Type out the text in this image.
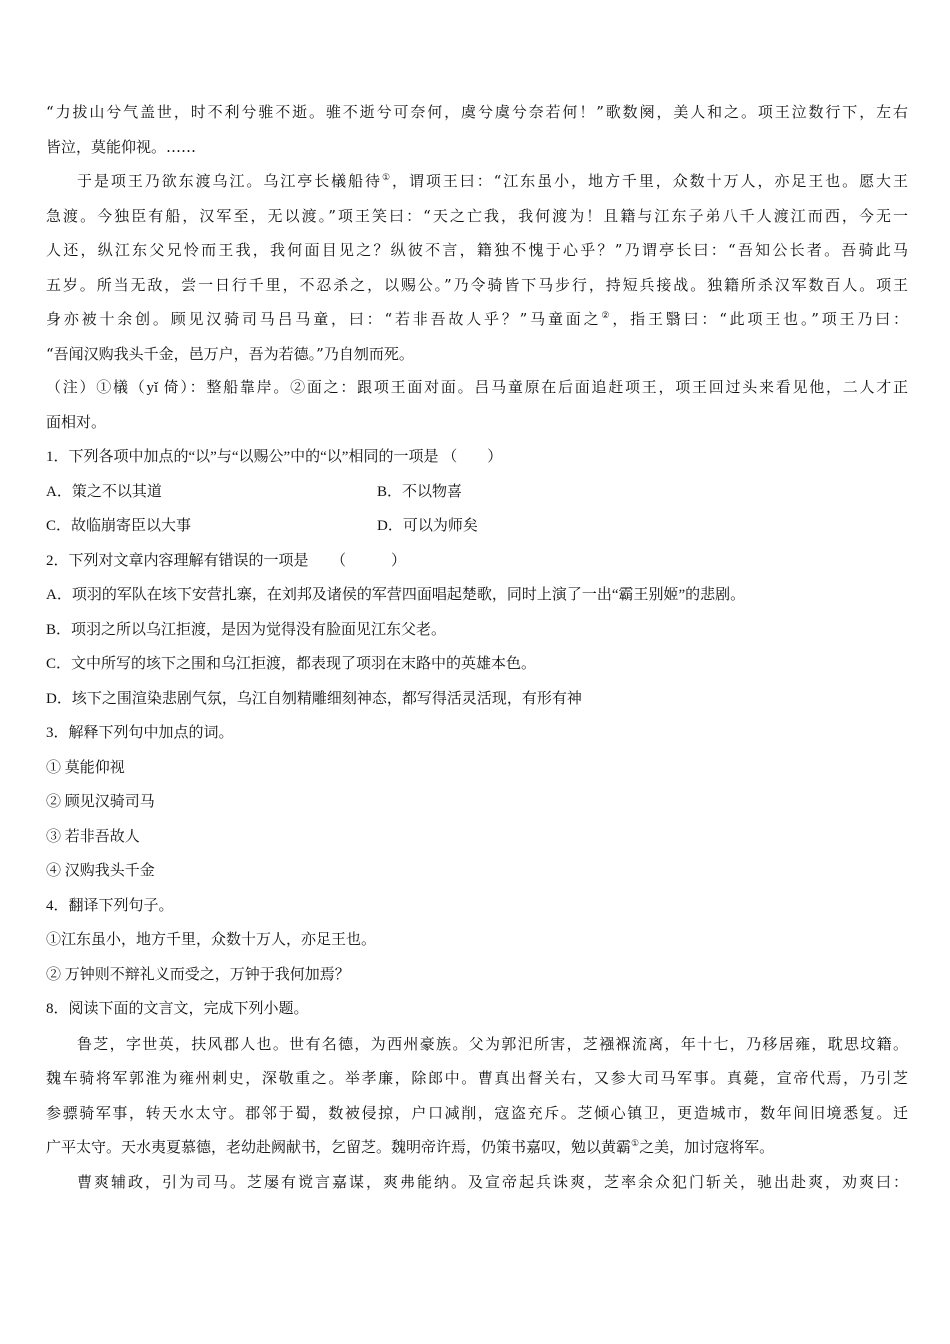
“力拔山兮气盖世，时不利兮骓不逝。骓不逝兮可奈何，虞兮虞兮奈若何！”歌数阕，美人和之。项王泣数行下，左右
皆泣，莫能仰视。……
于是项王乃欲东渡乌江。乌江亭长檥船待①，谓项王曰：“江东虽小，地方千里，众数十万人，亦足王也。愿大王
急渡。今独臣有船，汉军至，无以渡。”项王笑曰：“天之亡我，我何渡为！且籍与江东子弟八千人渡江而西，今无一
人还，纵江东父兄怜而王我，我何面目见之？纵彼不言，籍独不愧于心乎？”乃谓亭长曰：“吾知公长者。吾骑此马
五岁。所当无敌，尝一日行千里，不忍杀之，以赐公。”乃令骑皆下马步行，持短兵接战。独籍所杀汉军数百人。项王
身亦被十余创。顾见汉骑司马吕马童，曰：“若非吾故人乎？”马童面之②，指王翳曰：“此项王也。”项王乃曰：
“吾闻汉购我头千金，邑万户，吾为若德。”乃自刎而死。
（注）①檥（yǐ 倚）：整船靠岸。②面之：跟项王面对面。吕马童原在后面追赶项王，项王回过头来看见他，二人才正
面相对。
1．下列各项中加点的“以”与“以赐公”中的“以”相同的一项是 （　　）
A．策之不以其道	B．不以物喜
C．故临崩寄臣以大事	D．可以为师矣
2．下列对文章内容理解有错误的一项是　　（　　　）
A．项羽的军队在垓下安营扎寨，在刘邦及诸侯的军营四面唱起楚歌，同时上演了一出“霸王别姬”的悲剧。
B．项羽之所以乌江拒渡，是因为觉得没有脸面见江东父老。
C．文中所写的垓下之围和乌江拒渡，都表现了项羽在末路中的英雄本色。
D．垓下之围渲染悲剧气氛，乌江自刎精雕细刻神态，都写得活灵活现，有形有神
3．解释下列句中加点的词。
① 莫能仰视
② 顾见汉骑司马
③ 若非吾故人
④ 汉购我头千金
4．翻译下列句子。
①江东虽小，地方千里，众数十万人，亦足王也。
② 万钟则不辩礼义而受之，万钟于我何加焉？
8．阅读下面的文言文，完成下列小题。
鲁芝，字世英，扶风郡人也。世有名德，为西州豪族。父为郭汜所害，芝襁褓流离，年十七，乃移居雍，耽思坟籍。
魏车骑将军郭淮为雍州刺史，深敬重之。举孝廉，除郎中。曹真出督关右，又参大司马军事。真薨，宣帝代焉，乃引芝
参骠骑军事，转天水太守。郡邻于蜀，数被侵掠，户口减削，寇盗充斥。芝倾心镇卫，更造城市，数年间旧境悉复。迁
广平太守。天水夷夏慕德，老幼赴阙献书，乞留芝。魏明帝许焉，仍策书嘉叹，勉以黄霸①之美，加讨寇将军。
曹爽辅政，引为司马。芝屡有谠言嘉谋，爽弗能纳。及宣帝起兵诛爽，芝率余众犯门斩关，驰出赴爽，劝爽曰：
